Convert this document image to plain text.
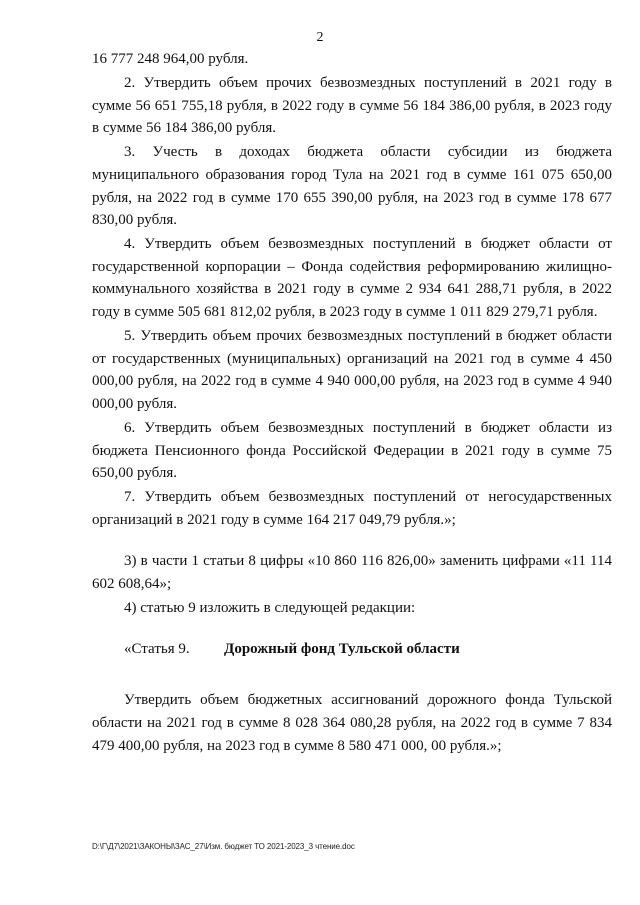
2

16 777 248 964,00 рубля.

2. Утвердить объем прочих безвозмездных поступлений в 2021 году в сумме 56 651 755,18 рубля, в 2022 году в сумме 56 184 386,00 рубля, в 2023 году в сумме 56 184 386,00 рубля.

3. Учесть в доходах бюджета области субсидии из бюджета муниципального образования город Тула на 2021 год в сумме 161 075 650,00 рубля, на 2022 год в сумме 170 655 390,00 рубля, на 2023 год в сумме 178 677 830,00 рубля.

4. Утвердить объем безвозмездных поступлений в бюджет области от государственной корпорации – Фонда содействия реформированию жилищно-коммунального хозяйства в 2021 году в сумме 2 934 641 288,71 рубля, в 2022 году в сумме 505 681 812,02 рубля, в 2023 году в сумме 1 011 829 279,71 рубля.

5. Утвердить объем прочих безвозмездных поступлений в бюджет области от государственных (муниципальных) организаций на 2021 год в сумме 4 450 000,00 рубля, на 2022 год в сумме 4 940 000,00 рубля, на 2023 год в сумме 4 940 000,00 рубля.

6. Утвердить объем безвозмездных поступлений в бюджет области из бюджета Пенсионного фонда Российской Федерации в 2021 году в сумме 75 650,00 рубля.

7. Утвердить объем безвозмездных поступлений от негосударственных организаций в 2021 году в сумме 164 217 049,79 рубля.»;

3) в части 1 статьи 8 цифры «10 860 116 826,00» заменить цифрами «11 114 602 608,64»;

4) статью 9 изложить в следующей редакции:

«Статья 9.	Дорожный фонд Тульской области

Утвердить объем бюджетных ассигнований дорожного фонда Тульской области на 2021 год в сумме 8 028 364 080,28 рубля, на 2022 год в сумме 7 834 479 400,00 рубля, на 2023 год в сумме 8 580 471 000, 00 рубля.»;

D:\Г\Д7\2021\ЗАКОНЫ\ЗАС_27\Изм. бюджет ТО 2021-2023_3 чтение.doc
